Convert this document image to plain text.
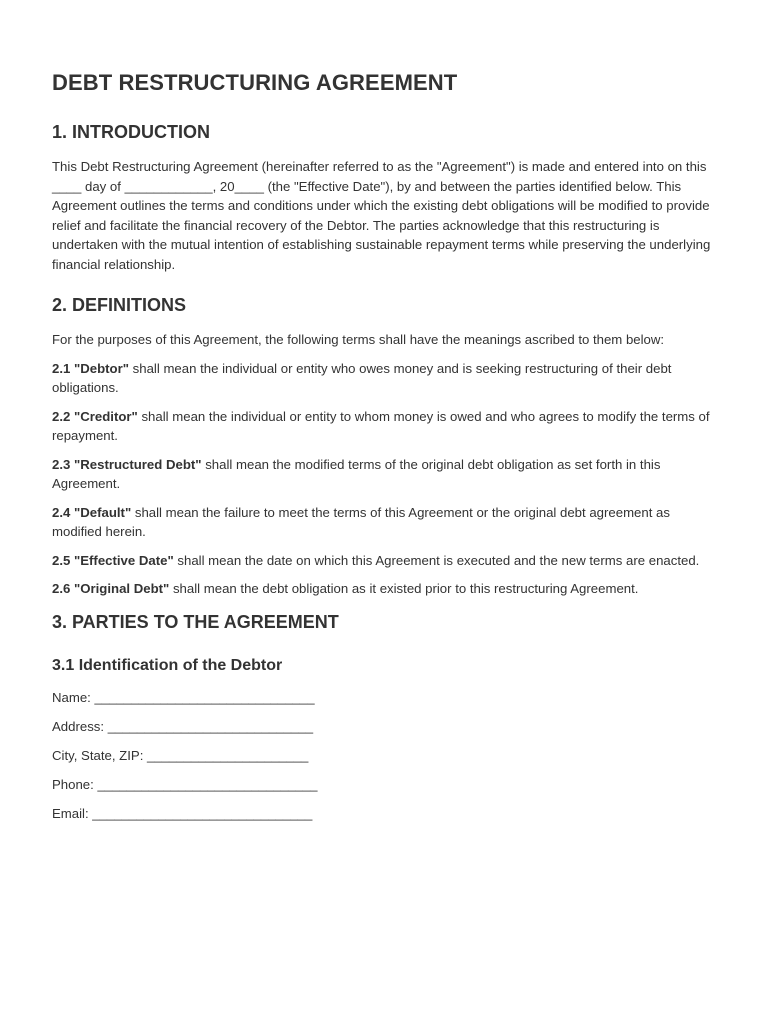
DEBT RESTRUCTURING AGREEMENT
1. INTRODUCTION

This Debt Restructuring Agreement (hereinafter referred to as the "Agreement") is made and entered into on this ____ day of ____________, 20____ (the "Effective Date"), by and between the parties identified below. This Agreement outlines the terms and conditions under which the existing debt obligations will be modified to provide relief and facilitate the financial recovery of the Debtor. The parties acknowledge that this restructuring is undertaken with the mutual intention of establishing sustainable repayment terms while preserving the underlying financial relationship.

2. DEFINITIONS

For the purposes of this Agreement, the following terms shall have the meanings ascribed to them below:

2.1 "Debtor" shall mean the individual or entity who owes money and is seeking restructuring of their debt obligations.

2.2 "Creditor" shall mean the individual or entity to whom money is owed and who agrees to modify the terms of repayment.

2.3 "Restructured Debt" shall mean the modified terms of the original debt obligation as set forth in this Agreement.

2.4 "Default" shall mean the failure to meet the terms of this Agreement or the original debt agreement as modified herein.

2.5 "Effective Date" shall mean the date on which this Agreement is executed and the new terms are enacted.

2.6 "Original Debt" shall mean the debt obligation as it existed prior to this restructuring Agreement.

3. PARTIES TO THE AGREEMENT
3.1 Identification of the Debtor

Name: ______________________________

Address: ____________________________

City, State, ZIP: ______________________

Phone: ______________________________

Email: ______________________________
